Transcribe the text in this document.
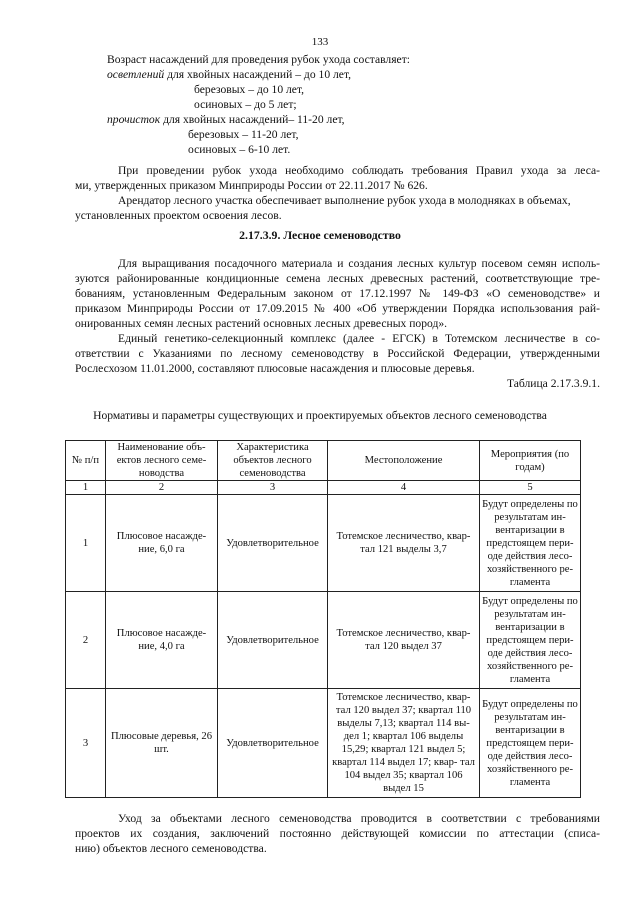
133
Возраст насаждений для проведения рубок ухода составляет:
осветлений для хвойных насаждений – до 10 лет,
березовых – до 10 лет,
осиновых – до 5 лет;
прочисток для хвойных насаждений– 11-20 лет,
березовых – 11-20 лет,
осиновых – 6-10 лет.
При проведении рубок ухода необходимо соблюдать требования Правил ухода за леса-
ми, утвержденных приказом Минприроды России от 22.11.2017 № 626.
Арендатор лесного участка обеспечивает выполнение рубок ухода в молодняках в объемах,
установленных проектом освоения лесов.
2.17.3.9. Лесное семеноводство
Для выращивания посадочного материала и создания лесных культур посевом семян исполь-
зуются районированные кондиционные семена лесных древесных растений, соответствующие тре-
бованиям, установленным Федеральным законом от 17.12.1997 № 149-ФЗ «О семеноводстве» и
приказом Минприроды России от 17.09.2015 № 400 «Об утверждении Порядка использования рай-
онированных семян лесных растений основных лесных древесных пород».
Единый генетико-селекционный комплекс (далее - ЕГСК) в Тотемском лесничестве в со-
ответствии с Указаниями по лесному семеноводству в Российской Федерации, утвержденными
Рослесхозом 11.01.2000, составляют плюсовые насаждения и плюсовые деревья.
Таблица 2.17.3.9.1.
Нормативы и параметры существующих и проектируемых объектов лесного семеноводства
№ п/п	Наименование объ- ектов лесного семе- новодства	Характеристика объектов лесного семеноводства	Местоположение	Мероприятия (по годам)
1	2	3	4	5
1	Плюсовое насажде- ние, 6,0 га	Удовлетворительное	Тотемское лесничество, квар- тал 121 выделы 3,7	Будут определены по результатам ин- вентаризации в предстоящем пери- оде действия лесо- хозяйственного ре- гламента
2	Плюсовое насажде- ние, 4,0 га	Удовлетворительное	Тотемское лесничество, квар- тал 120 выдел 37	Будут определены по результатам ин- вентаризации в предстоящем пери- оде действия лесо- хозяйственного ре- гламента
3	Плюсовые деревья, 26 шт.	Удовлетворительное	Тотемское лесничество, квар- тал 120 выдел 37; квартал 110 выделы 7,13; квартал 114 вы- дел 1; квартал 106 выделы 15,29; квартал 121 выдел 5; квартал 114 выдел 17; квар- тал 104 выдел 35; квартал 106 выдел 15	Будут определены по результатам ин- вентаризации в предстоящем пери- оде действия лесо- хозяйственного ре- гламента
Уход за объектами лесного семеноводства проводится в соответствии с требованиями
проектов их создания, заключений постоянно действующей комиссии по аттестации (списа-
нию) объектов лесного семеноводства.
